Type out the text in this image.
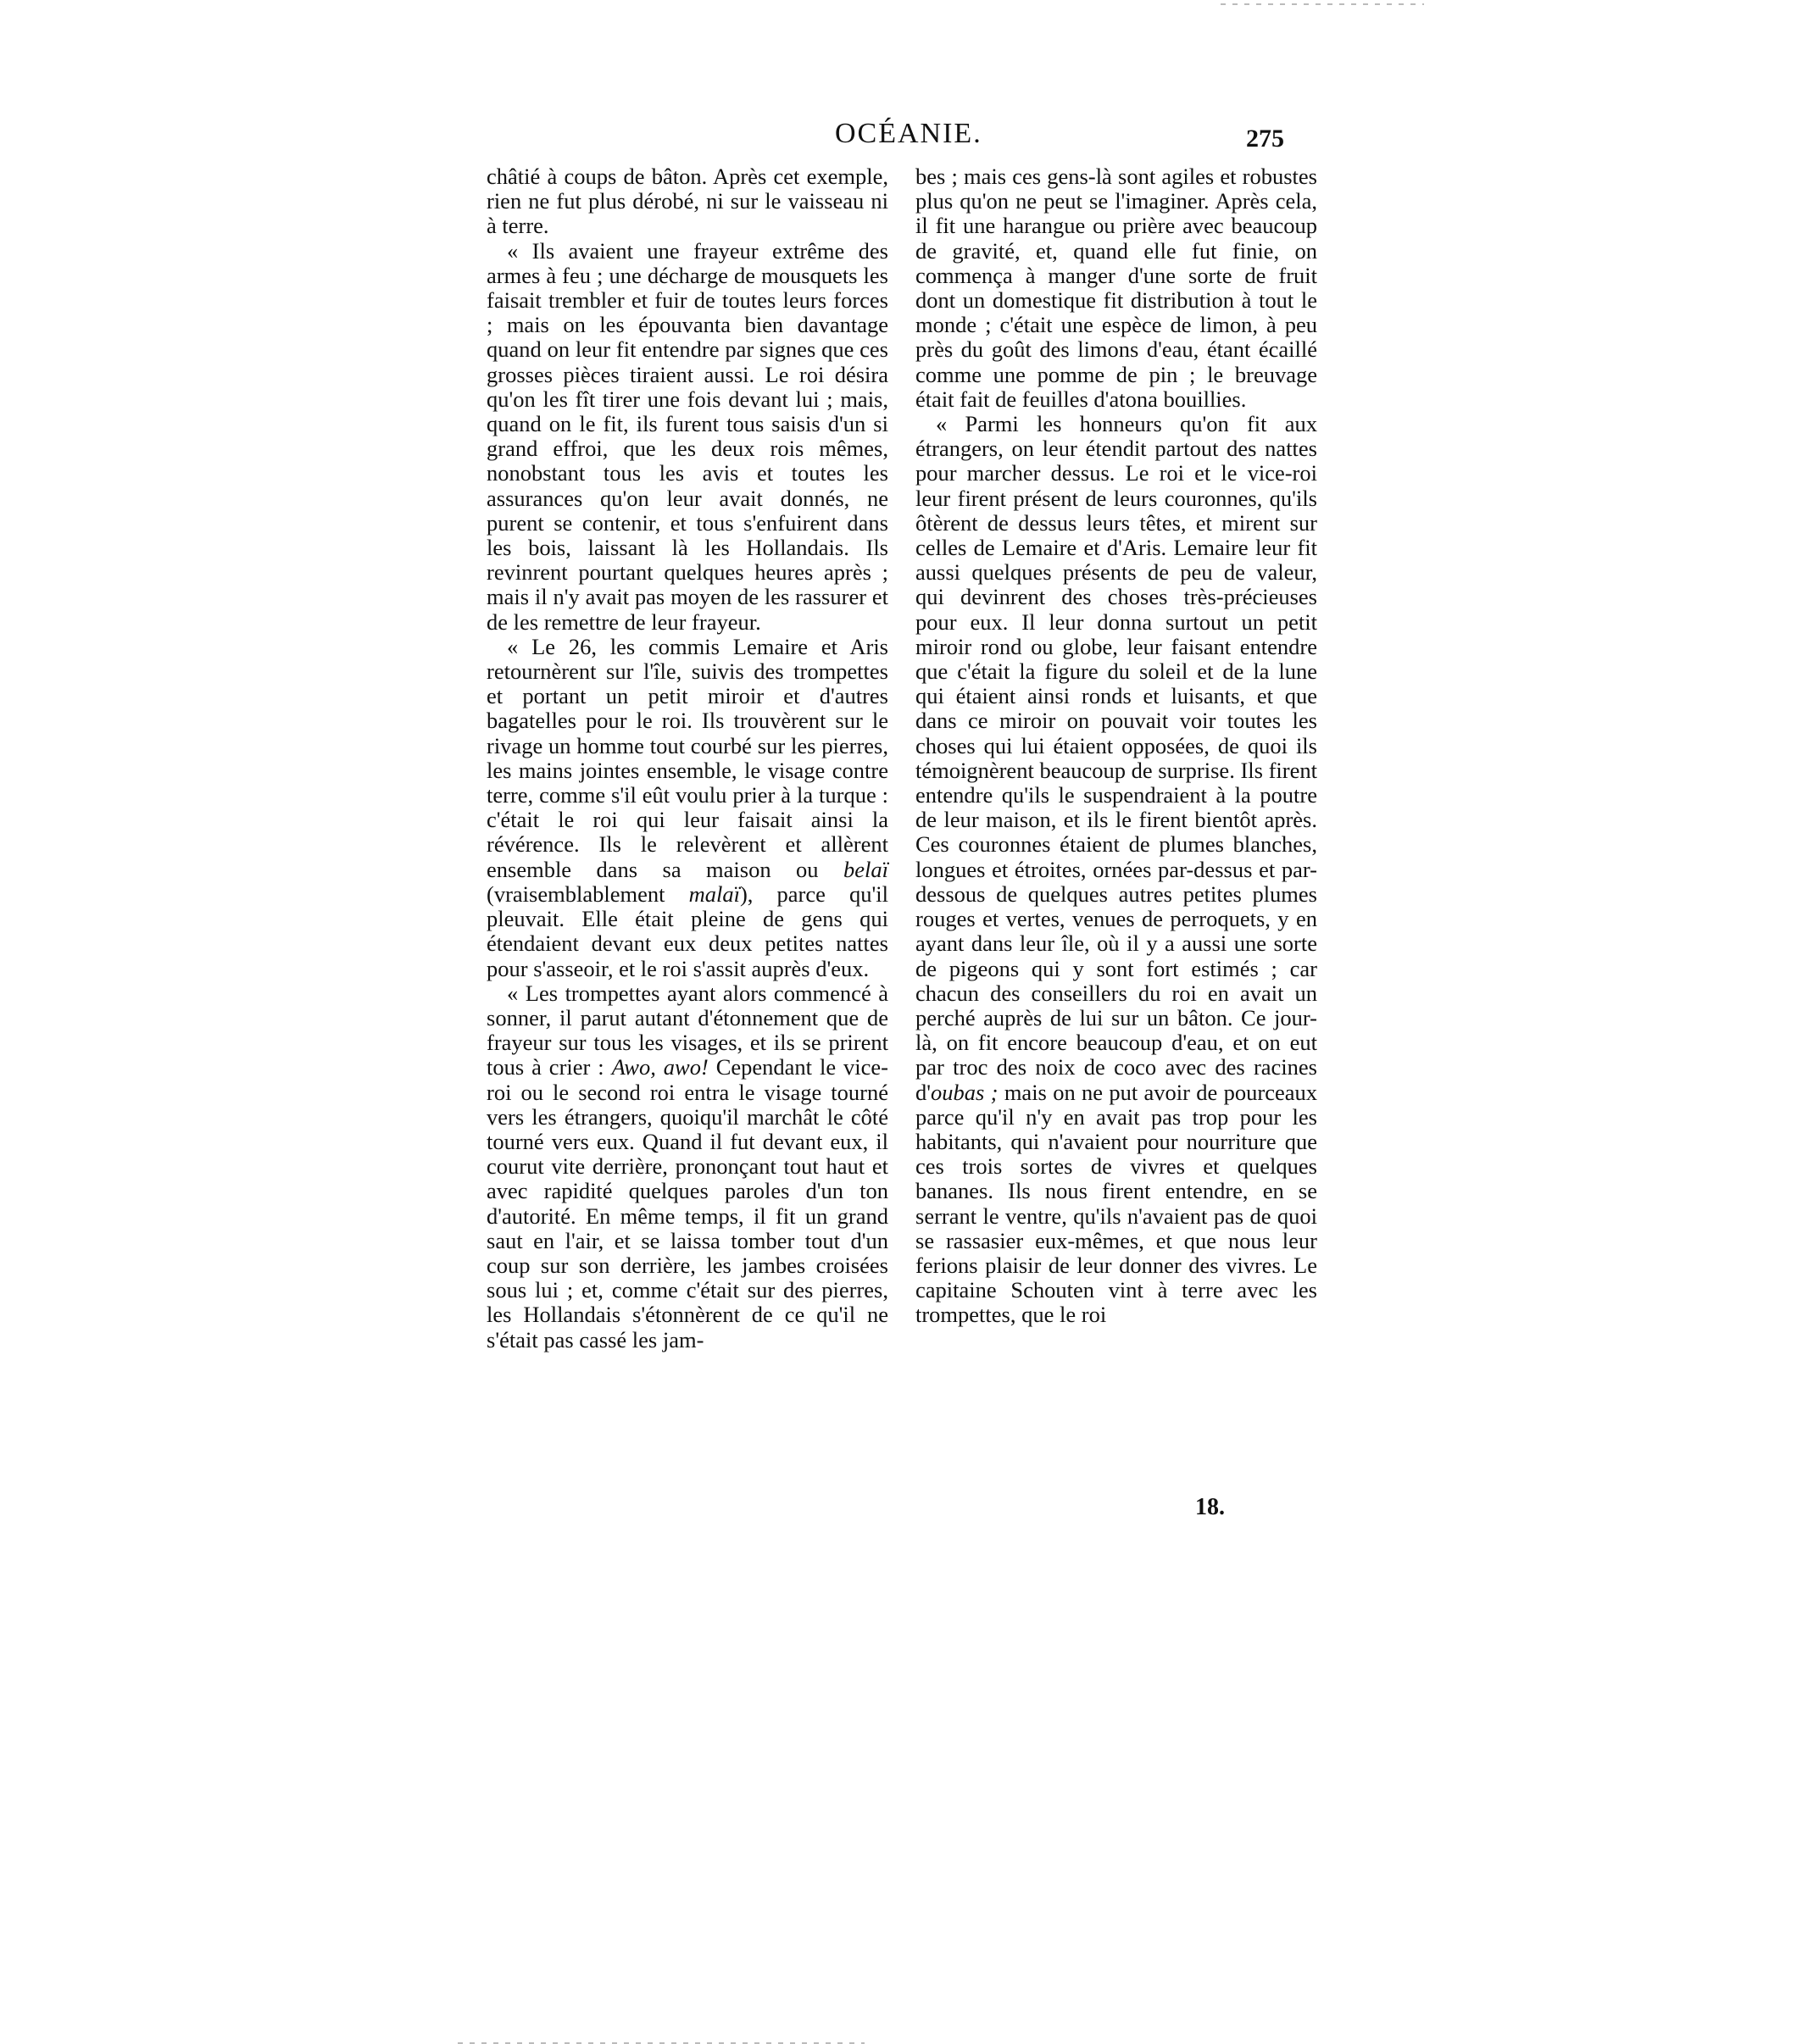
OCÉANIE.	275

châtié à coups de bâton. Après cet exemple, rien ne fut plus dérobé, ni sur le vaisseau ni à terre.

« Ils avaient une frayeur extrême des armes à feu ; une décharge de mousquets les faisait trembler et fuir de toutes leurs forces ; mais on les épouvanta bien davantage quand on leur fit entendre par signes que ces grosses pièces tiraient aussi. Le roi désira qu'on les fît tirer une fois devant lui ; mais, quand on le fit, ils furent tous saisis d'un si grand effroi, que les deux rois mêmes, nonobstant tous les avis et toutes les assurances qu'on leur avait donnés, ne purent se contenir, et tous s'enfuirent dans les bois, laissant là les Hollandais. Ils revinrent pourtant quelques heures après ; mais il n'y avait pas moyen de les rassurer et de les remettre de leur frayeur.

« Le 26, les commis Lemaire et Aris retournèrent sur l'île, suivis des trompettes et portant un petit miroir et d'autres bagatelles pour le roi. Ils trouvèrent sur le rivage un homme tout courbé sur les pierres, les mains jointes ensemble, le visage contre terre, comme s'il eût voulu prier à la turque : c'était le roi qui leur faisait ainsi la révérence. Ils le relevèrent et allèrent ensemble dans sa maison ou belaï (vraisemblablement malaï), parce qu'il pleuvait. Elle était pleine de gens qui étendaient devant eux deux petites nattes pour s'asseoir, et le roi s'assit auprès d'eux.

« Les trompettes ayant alors commencé à sonner, il parut autant d'étonnement que de frayeur sur tous les visages, et ils se prirent tous à crier : Awo, awo! Cependant le vice-roi ou le second roi entra le visage tourné vers les étrangers, quoiqu'il marchât le côté tourné vers eux. Quand il fut devant eux, il courut vite derrière, prononçant tout haut et avec rapidité quelques paroles d'un ton d'autorité. En même temps, il fit un grand saut en l'air, et se laissa tomber tout d'un coup sur son derrière, les jambes croisées sous lui ; et, comme c'était sur des pierres, les Hollandais s'étonnèrent de ce qu'il ne s'était pas cassé les jam-

bes ; mais ces gens-là sont agiles et robustes plus qu'on ne peut se l'imaginer. Après cela, il fit une harangue ou prière avec beaucoup de gravité, et, quand elle fut finie, on commença à manger d'une sorte de fruit dont un domestique fit distribution à tout le monde ; c'était une espèce de limon, à peu près du goût des limons d'eau, étant écaillé comme une pomme de pin ; le breuvage était fait de feuilles d'atona bouillies.

« Parmi les honneurs qu'on fit aux étrangers, on leur étendit partout des nattes pour marcher dessus. Le roi et le vice-roi leur firent présent de leurs couronnes, qu'ils ôtèrent de dessus leurs têtes, et mirent sur celles de Lemaire et d'Aris. Lemaire leur fit aussi quelques présents de peu de valeur, qui devinrent des choses très-précieuses pour eux. Il leur donna surtout un petit miroir rond ou globe, leur faisant entendre que c'était la figure du soleil et de la lune qui étaient ainsi ronds et luisants, et que dans ce miroir on pouvait voir toutes les choses qui lui étaient opposées, de quoi ils témoignèrent beaucoup de surprise. Ils firent entendre qu'ils le suspendraient à la poutre de leur maison, et ils le firent bientôt après. Ces couronnes étaient de plumes blanches, longues et étroites, ornées par-dessus et par-dessous de quelques autres petites plumes rouges et vertes, venues de perroquets, y en ayant dans leur île, où il y a aussi une sorte de pigeons qui y sont fort estimés ; car chacun des conseillers du roi en avait un perché auprès de lui sur un bâton. Ce jour-là, on fit encore beaucoup d'eau, et on eut par troc des noix de coco avec des racines d'oubas ; mais on ne put avoir de pourceaux parce qu'il n'y en avait pas trop pour les habitants, qui n'avaient pour nourriture que ces trois sortes de vivres et quelques bananes. Ils nous firent entendre, en se serrant le ventre, qu'ils n'avaient pas de quoi se rassasier eux-mêmes, et que nous leur ferions plaisir de leur donner des vivres. Le capitaine Schouten vint à terre avec les trompettes, que le roi

18.
